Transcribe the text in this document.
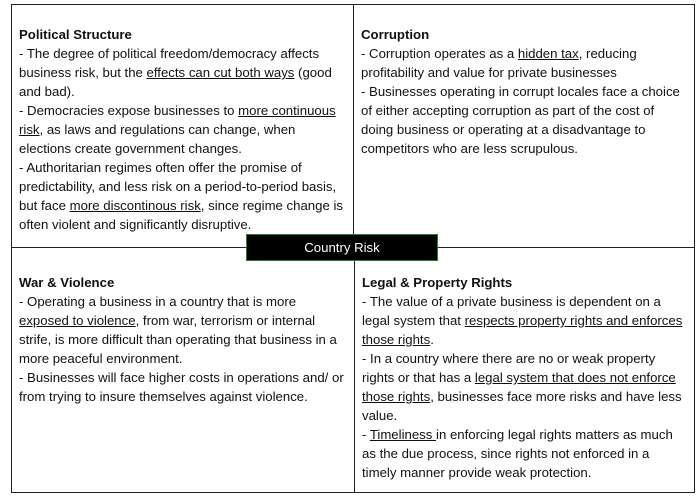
Political Structure

- The degree of political freedom/democracy affects business risk, but the effects can cut both ways (good and bad).

- Democracies expose businesses to more continuous risk, as laws and regulations can change, when elections create government changes.

- Authoritarian regimes often offer the promise of predictability, and less risk on a period-to-period basis, but face more discontinous risk, since regime change is often violent and significantly disruptive.

Corruption

- Corruption operates as a hidden tax, reducing profitability and value for private businesses

- Businesses operating in corrupt locales face a choice of either accepting corruption as part of the cost of doing business or operating at a disadvantage to competitors who are less scrupulous.

War & Violence

- Operating a business in a country that is more exposed to violence, from war, terrorism or internal strife, is more difficult than operating that business in a more peaceful environment.

- Businesses will face higher costs in operations and/ or from trying to insure themselves against violence.

Legal & Property Rights

- The value of a private business is dependent on a legal system that respects property rights and enforces those rights.

- In a country where there are no or weak property rights or that has a legal system that does not enforce those rights, businesses face more risks and have less value.

- Timeliness in enforcing legal rights matters as much as the due process, since rights not enforced in a timely manner provide weak protection.

Country Risk
